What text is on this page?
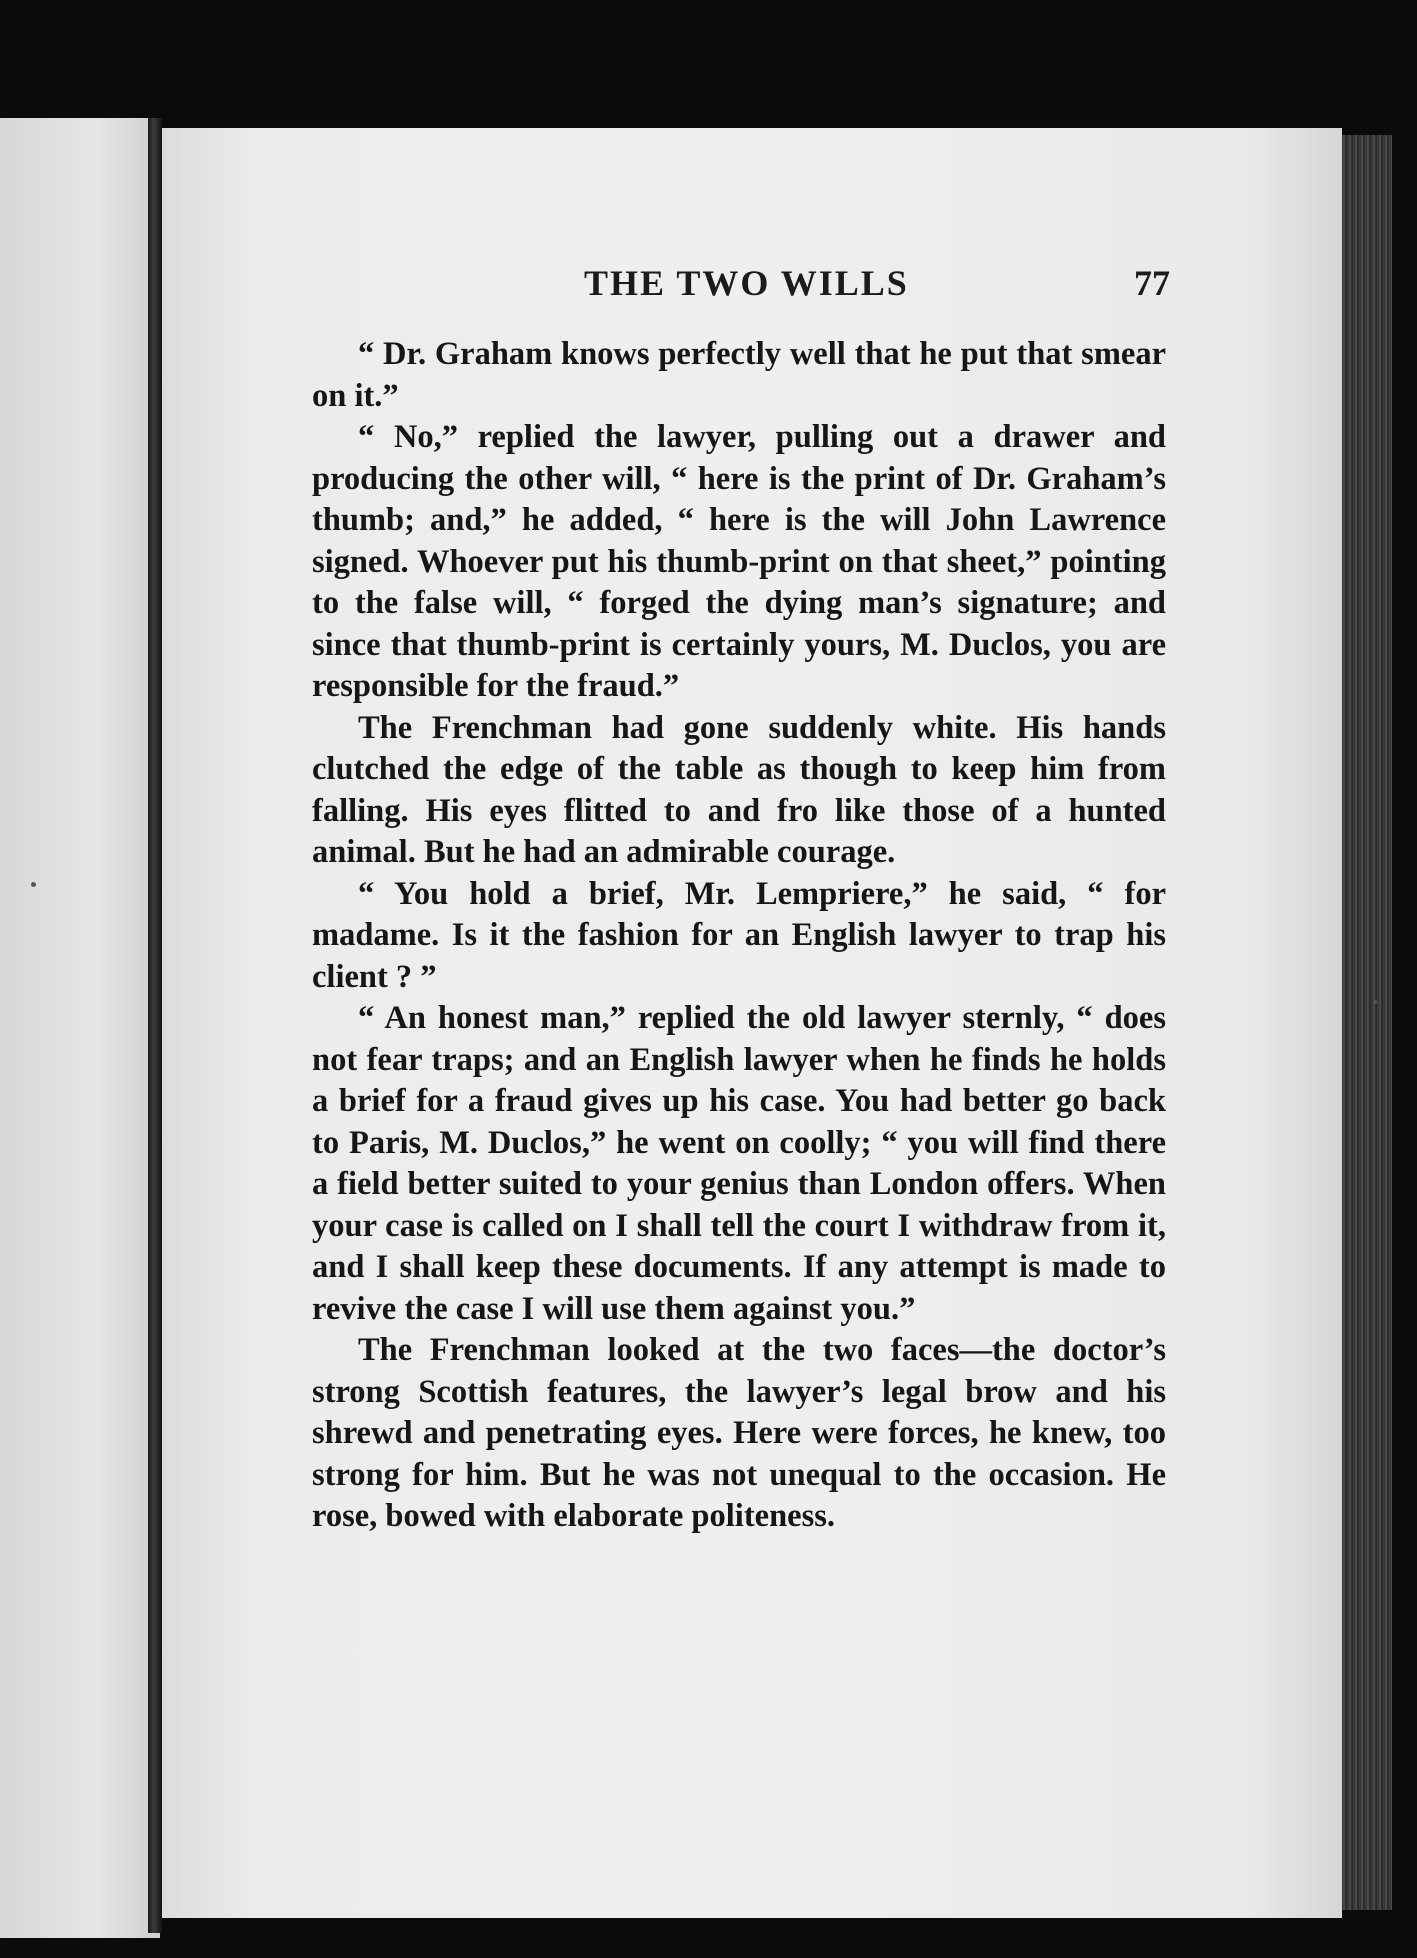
THE TWO WILLS	77

“ Dr. Graham knows perfectly well that he put that smear on it.”

“ No,” replied the lawyer, pulling out a drawer and producing the other will, “ here is the print of Dr. Graham’s thumb; and,” he added, “ here is the will John Lawrence signed. Whoever put his thumb-print on that sheet,” pointing to the false will, “ forged the dying man’s signature; and since that thumb-print is certainly yours, M. Duclos, you are responsible for the fraud.”

The Frenchman had gone suddenly white. His hands clutched the edge of the table as though to keep him from falling. His eyes flitted to and fro like those of a hunted animal. But he had an admirable courage.

“ You hold a brief, Mr. Lempriere,” he said, “ for madame. Is it the fashion for an English lawyer to trap his client ? ”

“ An honest man,” replied the old lawyer sternly, “ does not fear traps; and an English lawyer when he finds he holds a brief for a fraud gives up his case. You had better go back to Paris, M. Duclos,” he went on coolly; “ you will find there a field better suited to your genius than London offers. When your case is called on I shall tell the court I withdraw from it, and I shall keep these documents. If any attempt is made to revive the case I will use them against you.”

The Frenchman looked at the two faces—the doctor’s strong Scottish features, the lawyer’s legal brow and his shrewd and penetrating eyes. Here were forces, he knew, too strong for him. But he was not unequal to the occasion. He rose, bowed with elaborate politeness.
